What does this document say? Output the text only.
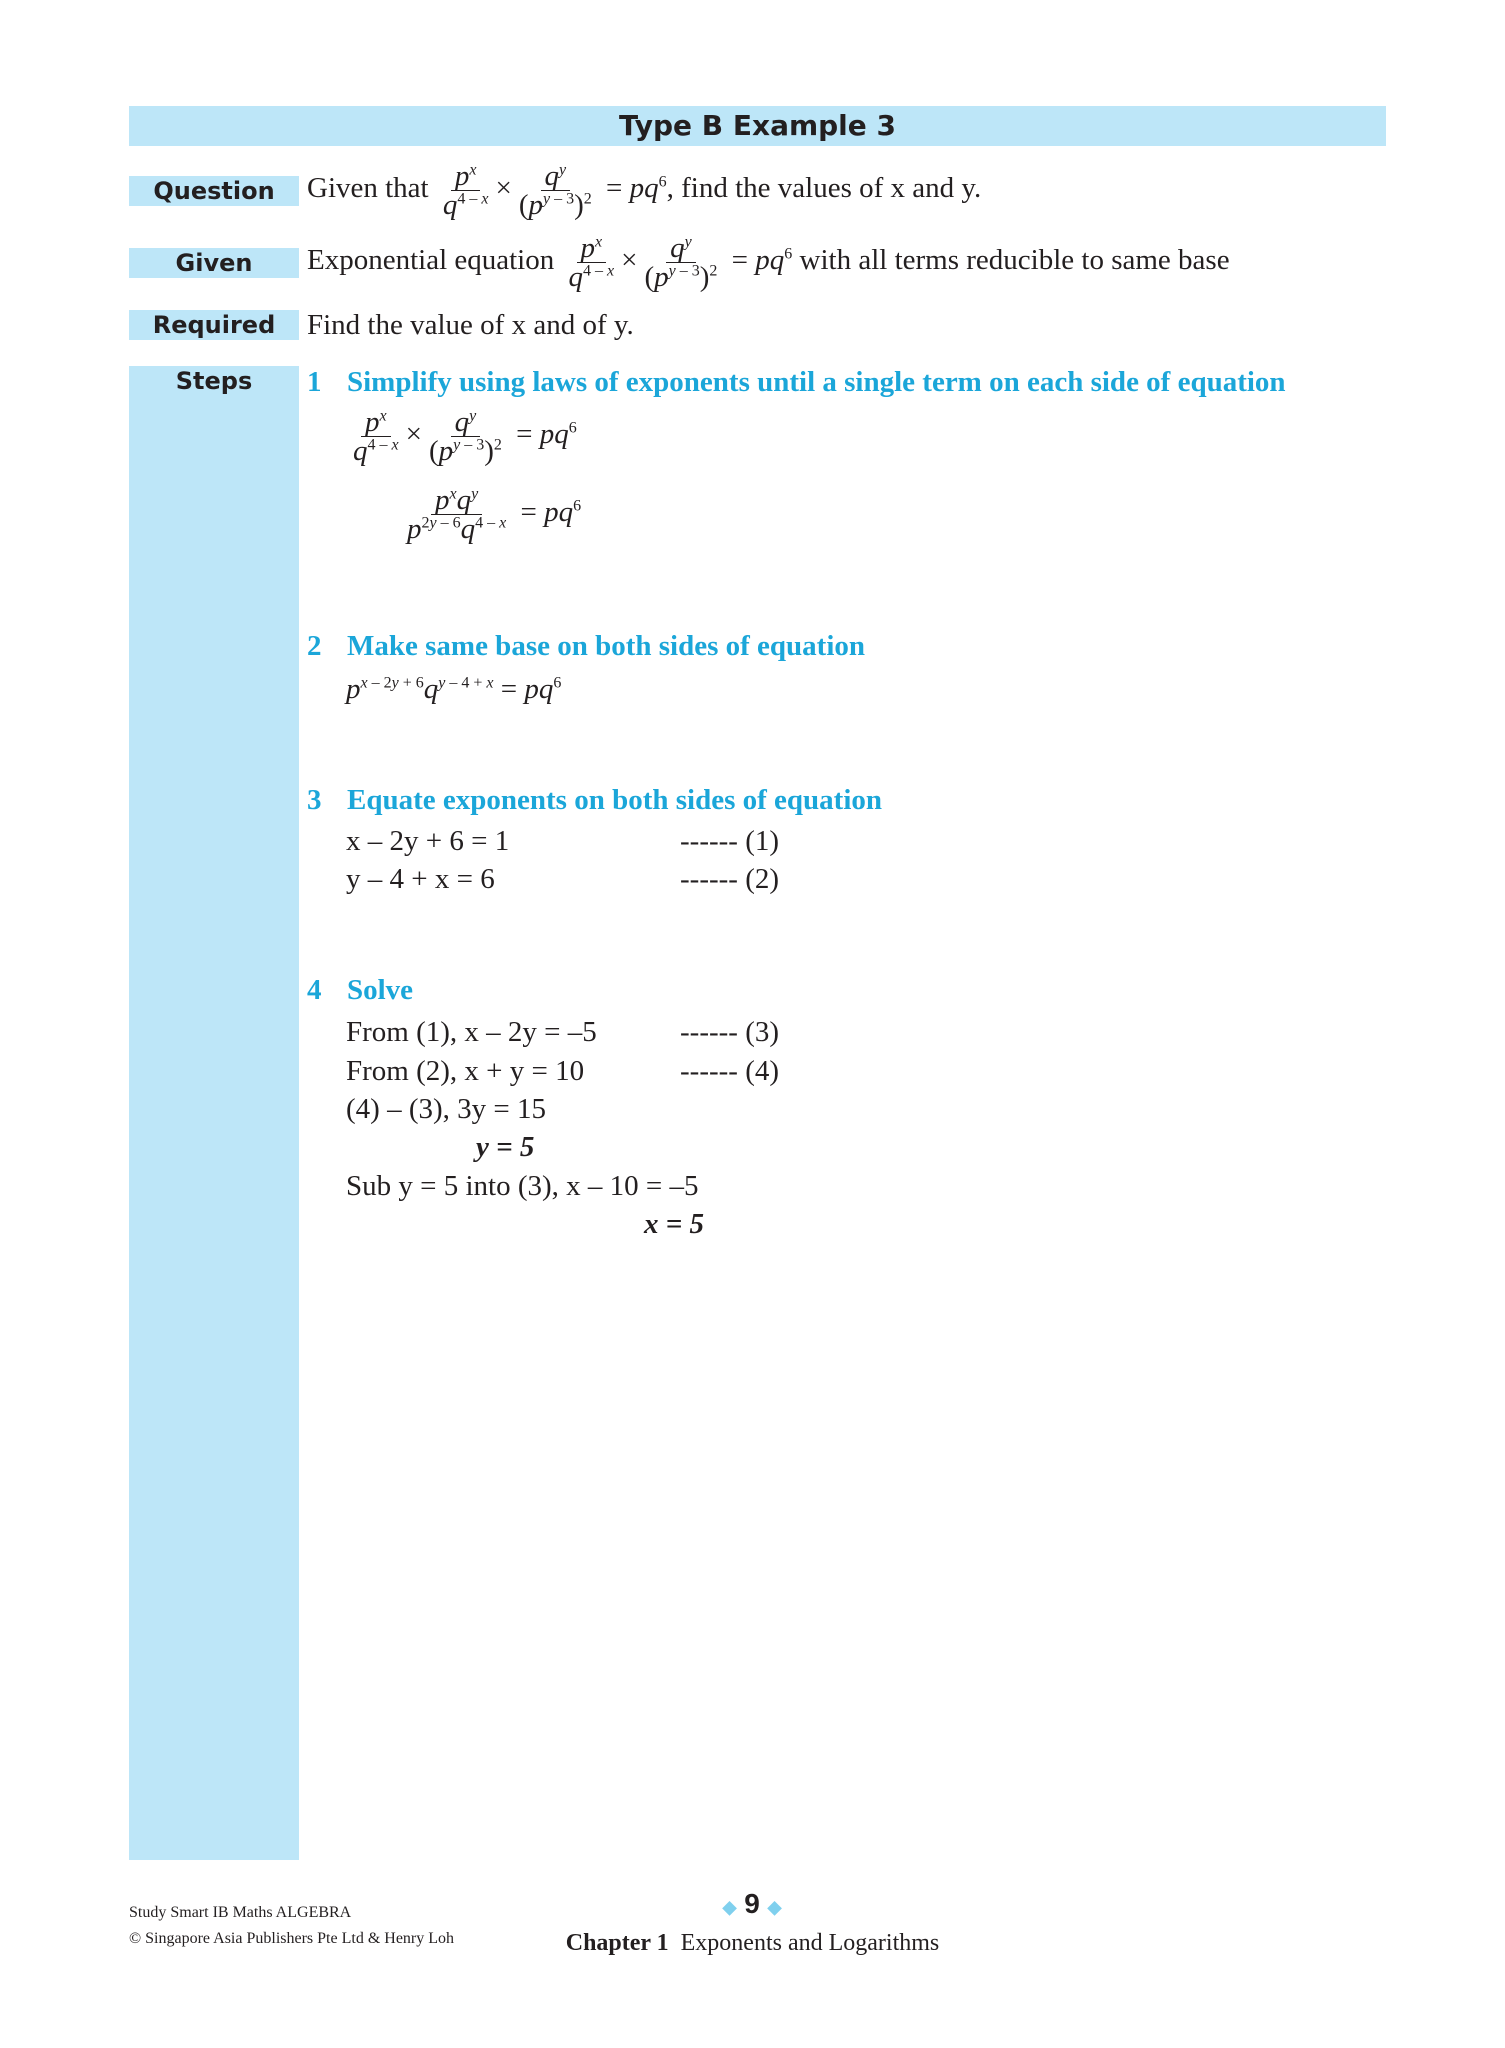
Type B Example 3
Question	Given that $\frac{p^x}{q^{4 - x}} \times \frac{q^y}{(p^{y - 3})^2} = pq^6$, find the values of x and y.
Given	Exponential equation $\frac{p^x}{q^{4 - x}} \times \frac{q^y}{(p^{y - 3})^2} = pq^6$ with all terms reducible to same base
Required	Find the value of x and of y.
Steps	1 Simplify using laws of exponents until a single term on each side of equation
$\frac{p^x}{q^{4 - x}} \times \frac{q^y}{(p^{y - 3})^2} = pq^6$
$p^xq^y$
$p^{2y - 6}q^{4 - x} = pq^6$
2 Make same base on both sides of equation
$p^{x - 2y + 6}q^{y - 4 + x} = pq^6$
3 Equate exponents on both sides of equation
x – 2y + 6 = 1	------ (1)
y – 4 + x = 6	------ (2)
4 Solve
From (1), x – 2y = –5	------ (3)
From (2), x + y = 10	------ (4)
(4) – (3), 3y = 15
y = 5
Sub y = 5 into (3), x – 10 = –5
x = 5
Study Smart IB Maths ALGEBRA
© Singapore Asia Publishers Pte Ltd & Henry Loh
◆ 9 ◆
Chapter 1 Exponents and Logarithms
